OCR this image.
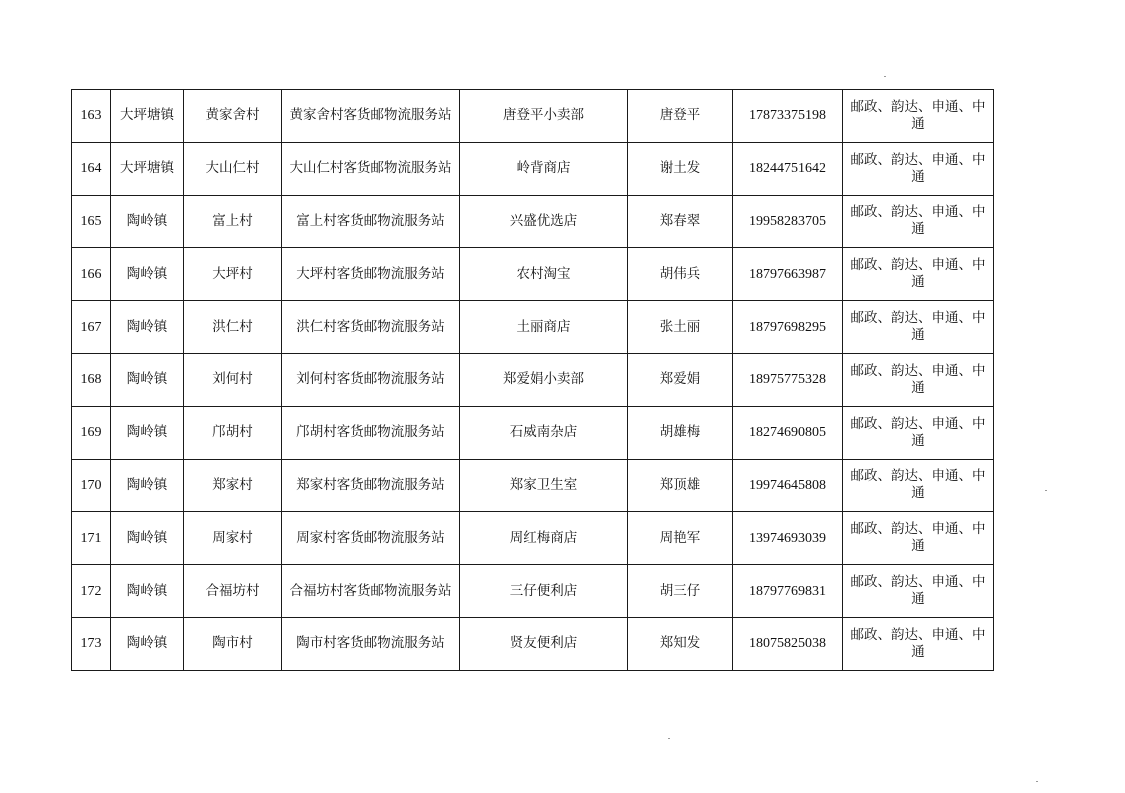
163	大坪塘镇	黄家舍村	黄家舍村客货邮物流服务站	唐登平小卖部	唐登平	17873375198	邮政、韵达、申通、中通
164	大坪塘镇	大山仁村	大山仁村客货邮物流服务站	岭背商店	谢土发	18244751642	邮政、韵达、申通、中通
165	陶岭镇	富上村	富上村客货邮物流服务站	兴盛优选店	郑春翠	19958283705	邮政、韵达、申通、中通
166	陶岭镇	大坪村	大坪村客货邮物流服务站	农村淘宝	胡伟兵	18797663987	邮政、韵达、申通、中通
167	陶岭镇	洪仁村	洪仁村客货邮物流服务站	土丽商店	张土丽	18797698295	邮政、韵达、申通、中通
168	陶岭镇	刘何村	刘何村客货邮物流服务站	郑爱娟小卖部	郑爱娟	18975775328	邮政、韵达、申通、中通
169	陶岭镇	邝胡村	邝胡村客货邮物流服务站	石威南杂店	胡雄梅	18274690805	邮政、韵达、申通、中通
170	陶岭镇	郑家村	郑家村客货邮物流服务站	郑家卫生室	郑顶雄	19974645808	邮政、韵达、申通、中通
171	陶岭镇	周家村	周家村客货邮物流服务站	周红梅商店	周艳军	13974693039	邮政、韵达、申通、中通
172	陶岭镇	合福坊村	合福坊村客货邮物流服务站	三仔便利店	胡三仔	18797769831	邮政、韵达、申通、中通
173	陶岭镇	陶市村	陶市村客货邮物流服务站	贤友便利店	郑知发	18075825038	邮政、韵达、申通、中通
